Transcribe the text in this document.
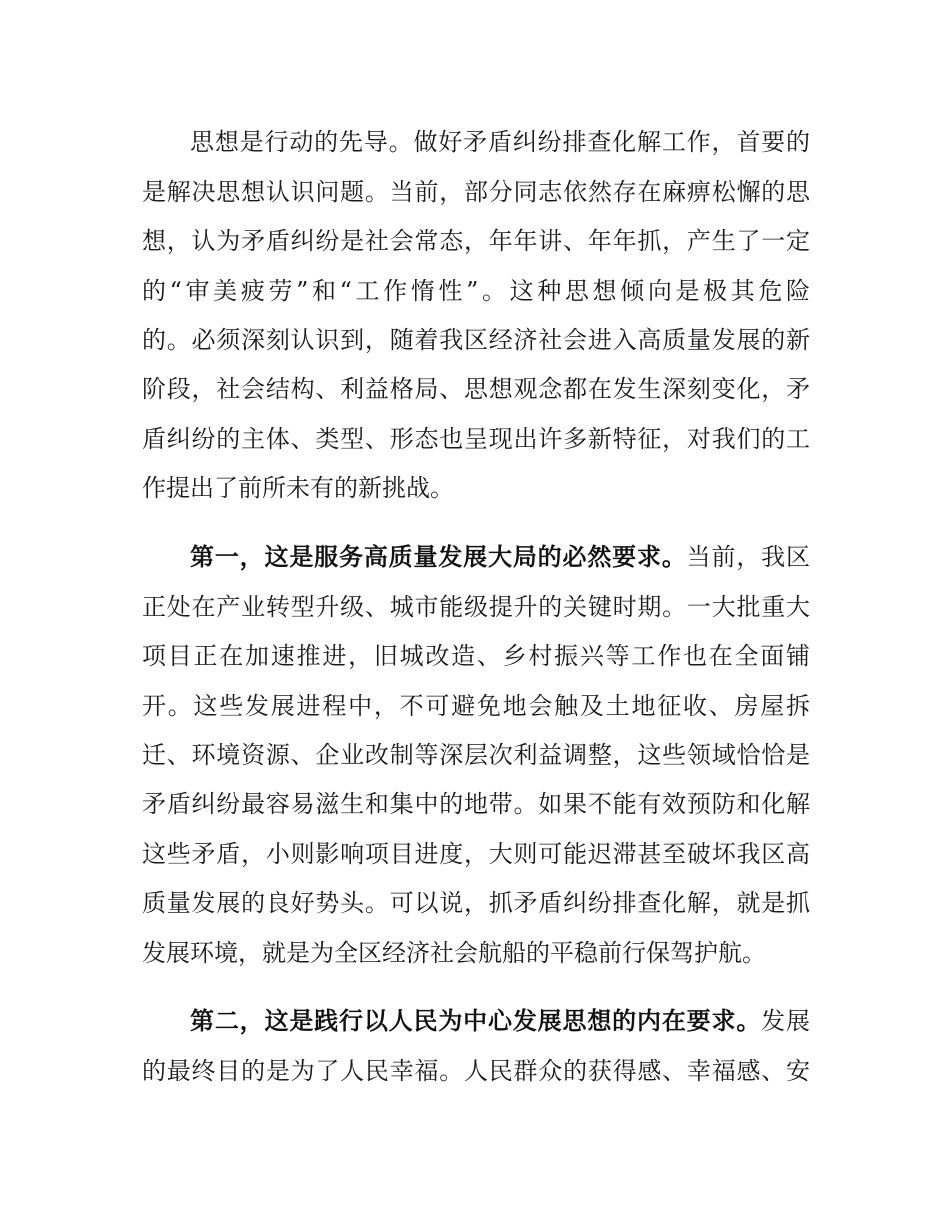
思想是行动的先导。做好矛盾纠纷排查化解工作，首要的
是解决思想认识问题。当前，部分同志依然存在麻痹松懈的思
想，认为矛盾纠纷是社会常态，年年讲、年年抓，产生了一定
的“审美疲劳”和“工作惰性”。这种思想倾向是极其危险
的。必须深刻认识到，随着我区经济社会进入高质量发展的新
阶段，社会结构、利益格局、思想观念都在发生深刻变化，矛
盾纠纷的主体、类型、形态也呈现出许多新特征，对我们的工
作提出了前所未有的新挑战。
第一，这是服务高质量发展大局的必然要求。当前，我区
正处在产业转型升级、城市能级提升的关键时期。一大批重大
项目正在加速推进，旧城改造、乡村振兴等工作也在全面铺
开。这些发展进程中，不可避免地会触及土地征收、房屋拆
迁、环境资源、企业改制等深层次利益调整，这些领域恰恰是
矛盾纠纷最容易滋生和集中的地带。如果不能有效预防和化解
这些矛盾，小则影响项目进度，大则可能迟滞甚至破坏我区高
质量发展的良好势头。可以说，抓矛盾纠纷排查化解，就是抓
发展环境，就是为全区经济社会航船的平稳前行保驾护航。
第二，这是践行以人民为中心发展思想的内在要求。发展
的最终目的是为了人民幸福。人民群众的获得感、幸福感、安
